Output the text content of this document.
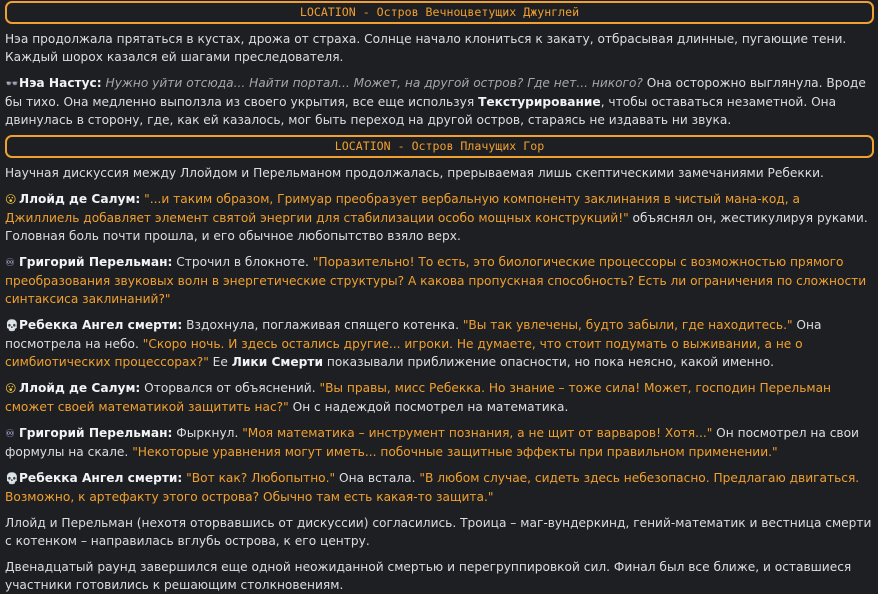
LOCATION - Остров Вечноцветущих Джунглей

Нэа продолжала прятаться в кустах, дрожа от страха. Солнце начало клониться к закату, отбрасывая длинные, пугающие тени. Каждый шорох казался ей шагами преследователя.

👓Нэа Настус: Нужно уйти отсюда... Найти портал... Может, на другой остров? Где нет... никого? Она осторожно выглянула. Вроде бы тихо. Она медленно выползла из своего укрытия, все еще используя Текстурирование, чтобы оставаться незаметной. Она двинулась в сторону, где, как ей казалось, мог быть переход на другой остров, стараясь не издавать ни звука.

LOCATION - Остров Плачущих Гор

Научная дискуссия между Ллойдом и Перельманом продолжалась, прерываемая лишь скептическими замечаниями Ребекки.

😮 Ллойд де Салум: "...и таким образом, Гримуар преобразует вербальную компоненту заклинания в чистый мана-код, а Джиллиель добавляет элемент святой энергии для стабилизации особо мощных конструкций!" объяснял он, жестикулируя руками. Головная боль почти прошла, и его обычное любопытство взяло верх.

♾ Григорий Перельман: Строчил в блокноте. "Поразительно! То есть, это биологические процессоры с возможностью прямого преобразования звуковых волн в энергетические структуры? А какова пропускная способность? Есть ли ограничения по сложности синтаксиса заклинаний?"

💀Ребекка Ангел смерти: Вздохнула, поглаживая спящего котенка. "Вы так увлечены, будто забыли, где находитесь." Она посмотрела на небо. "Скоро ночь. И здесь остались другие... игроки. Не думаете, что стоит подумать о выживании, а не о симбиотических процессорах?" Ее Лики Смерти показывали приближение опасности, но пока неясно, какой именно.

😮 Ллойд де Салум: Оторвался от объяснений. "Вы правы, мисс Ребекка. Но знание – тоже сила! Может, господин Перельман сможет своей математикой защитить нас?" Он с надеждой посмотрел на математика.

♾ Григорий Перельман: Фыркнул. "Моя математика – инструмент познания, а не щит от варваров! Хотя..." Он посмотрел на свои формулы на скале. "Некоторые уравнения могут иметь... побочные защитные эффекты при правильном применении."

💀Ребекка Ангел смерти: "Вот как? Любопытно." Она встала. "В любом случае, сидеть здесь небезопасно. Предлагаю двигаться. Возможно, к артефакту этого острова? Обычно там есть какая-то защита."

Ллойд и Перельман (нехотя оторвавшись от дискуссии) согласились. Троица – маг-вундеркинд, гений-математик и вестница смерти с котенком – направилась вглубь острова, к его центру.

Двенадцатый раунд завершился еще одной неожиданной смертью и перегруппировкой сил. Финал был все ближе, и оставшиеся участники готовились к решающим столкновениям.
